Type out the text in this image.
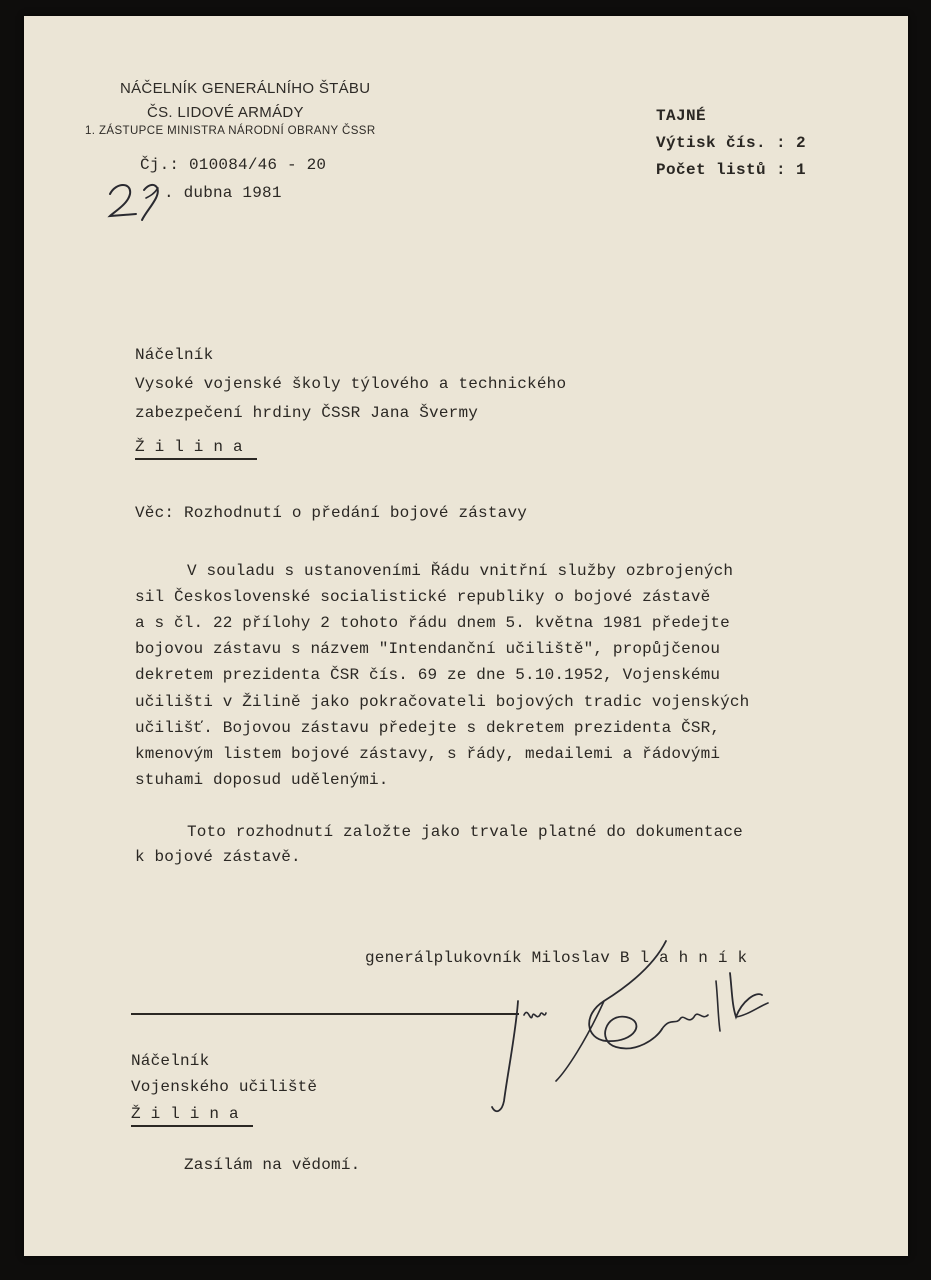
NÁČELNÍK GENERÁLNÍHO ŠTÁBU
ČS. LIDOVÉ ARMÁDY
1. ZÁSTUPCE MINISTRA NÁRODNÍ OBRANY ČSSR
Čj.: 010084/46 - 20
. dubna 1981
TAJNÉ
Výtisk čís. : 2
Počet listů : 1
Náčelník
Vysoké vojenské školy týlového a technického
zabezpečení hrdiny ČSSR Jana Švermy
Ž i l i n a
Věc: Rozhodnutí o předání bojové zástavy
V souladu s ustanoveními Řádu vnitřní služby ozbrojených
sil Československé socialistické republiky o bojové zástavě
a s čl. 22 přílohy 2 tohoto řádu dnem 5. května 1981 předejte
bojovou zástavu s názvem "Intendanční učiliště", propůjčenou
dekretem prezidenta ČSR čís. 69 ze dne 5.10.1952, Vojenskému
učilišti v Žilině jako pokračovateli bojových tradic vojenských
učilišť. Bojovou zástavu předejte s dekretem prezidenta ČSR,
kmenovým listem bojové zástavy, s řády, medailemi a řádovými
stuhami doposud udělenými.
Toto rozhodnutí založte jako trvale platné do dokumentace
k bojové zástavě.
generálplukovník Miloslav B l a h n í k
Náčelník
Vojenského učiliště
Ž i l i n a
Zasílám na vědomí.
